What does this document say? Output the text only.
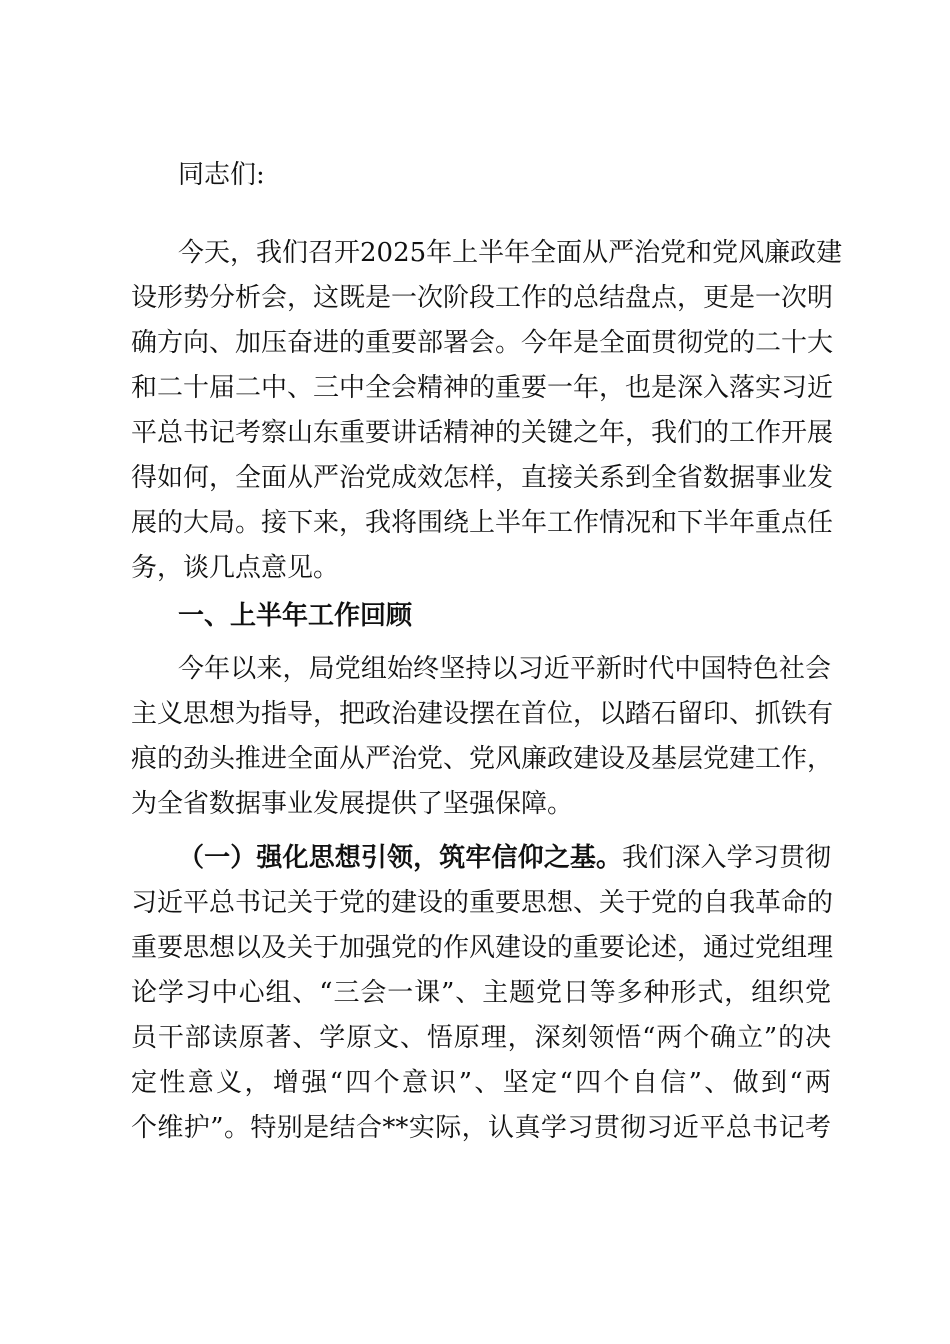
同志们:
今天，我们召开2025年上半年全面从严治党和党风廉政建
设形势分析会，这既是一次阶段工作的总结盘点，更是一次明
确方向、加压奋进的重要部署会。今年是全面贯彻党的二十大
和二十届二中、三中全会精神的重要一年，也是深入落实习近
平总书记考察山东重要讲话精神的关键之年，我们的工作开展
得如何，全面从严治党成效怎样，直接关系到全省数据事业发
展的大局。接下来，我将围绕上半年工作情况和下半年重点任
务，谈几点意见。
一、上半年工作回顾
今年以来，局党组始终坚持以习近平新时代中国特色社会
主义思想为指导，把政治建设摆在首位，以踏石留印、抓铁有
痕的劲头推进全面从严治党、党风廉政建设及基层党建工作，
为全省数据事业发展提供了坚强保障。
（一）强化思想引领，筑牢信仰之基。我们深入学习贯彻
习近平总书记关于党的建设的重要思想、关于党的自我革命的
重要思想以及关于加强党的作风建设的重要论述，通过党组理
论学习中心组、“三会一课”、主题党日等多种形式，组织党
员干部读原著、学原文、悟原理，深刻领悟“两个确立”的决
定性意义，增强“四个意识”、坚定“四个自信”、做到“两
个维护”。特别是结合**实际，认真学习贯彻习近平总书记考
